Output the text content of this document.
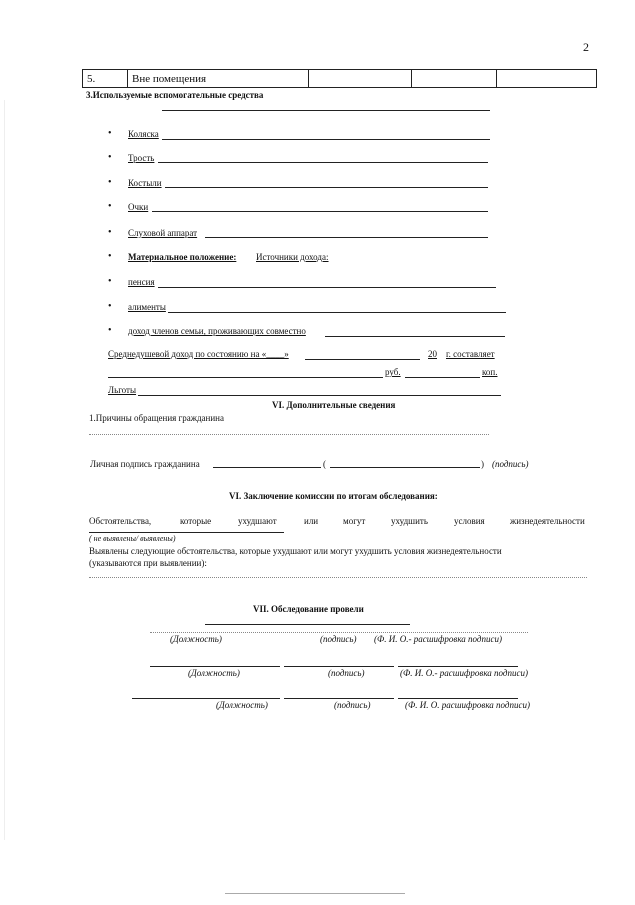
2
5.	Вне помещения			
3.Используемые вспомогательные средства
• Коляска
• Трость
• Костыли
• Очки
• Слуховой аппарат
• Материальное положение: Источники дохода:
• пенсия
• алименты
• доход членов семьи, проживающих совместно
Среднедушевой доход по состоянию на «____»	20 г. составляет
руб.	коп.
Льготы
VI. Дополнительные сведения
1.Причины обращения гражданина
Личная подпись гражданина	(	) (подпись)
VI. Заключение комиссии по итогам обследования:
Обстоятельства,	которые	ухудшают	или	могут	ухудшить	условия	жизнедеятельности
( не выявлены/ выявлены)
Выявлены следующие обстоятельства, которые ухудшают или могут ухудшить условия жизнедеятельности
(указываются при выявлении):
VII. Обследование провели
(Должность)	(подпись) (Ф. И. О.- расшифровка подписи)
(Должность)	(подпись)	(Ф. И. О.- расшифровка подписи)
(Должность)	(подпись)	(Ф. И. О. расшифровка подписи)
